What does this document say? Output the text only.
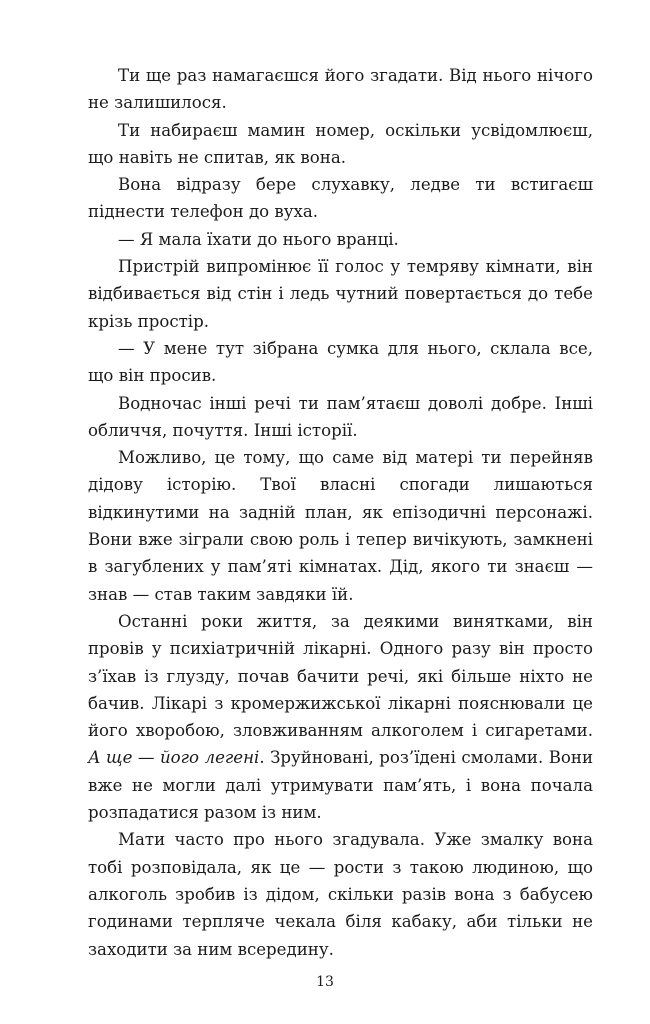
Ти ще раз намагаєшся його згадати. Від нього нічого не залишилося.

Ти набираєш мамин номер, оскільки усвідомлюєш, що навіть не спитав, як вона.

Вона відразу бере слухавку, ледве ти встигаєш піднести телефон до вуха.

— Я мала їхати до нього вранці.

Пристрій випромінює її голос у темряву кімнати, він відбивається від стін і ледь чутний повертається до тебе крізь простір.

— У мене тут зібрана сумка для нього, склала все, що він просив.

Водночас інші речі ти пам’ятаєш доволі добре. Інші обличчя, почуття. Інші історії.

Можливо, це тому, що саме від матері ти перейняв дідову історію. Твої власні спогади лишаються відкинутими на задній план, як епізодичні персонажі. Вони вже зіграли свою роль і тепер вичікують, замкнені в загублених у пам’яті кімнатах. Дід, якого ти знаєш — знав — став таким завдяки їй.

Останні роки життя, за деякими винятками, він провів у психіатричній лікарні. Одного разу він просто з’їхав із глузду, почав бачити речі, які більше ніхто не бачив. Лікарі з кромержижської лікарні пояснювали це його хворобою, зловживанням алкоголем і сигаретами. А ще — його легені. Зруйновані, роз’їдені смолами. Вони вже не могли далі утримувати пам’ять, і вона почала розпадатися разом із ним.

Мати часто про нього згадувала. Уже змалку вона тобі розповідала, як це — рости з такою людиною, що алкоголь зробив із дідом, скільки разів вона з бабусею годинами терпляче чекала біля кабаку, аби тільки не заходити за ним всередину.

13
